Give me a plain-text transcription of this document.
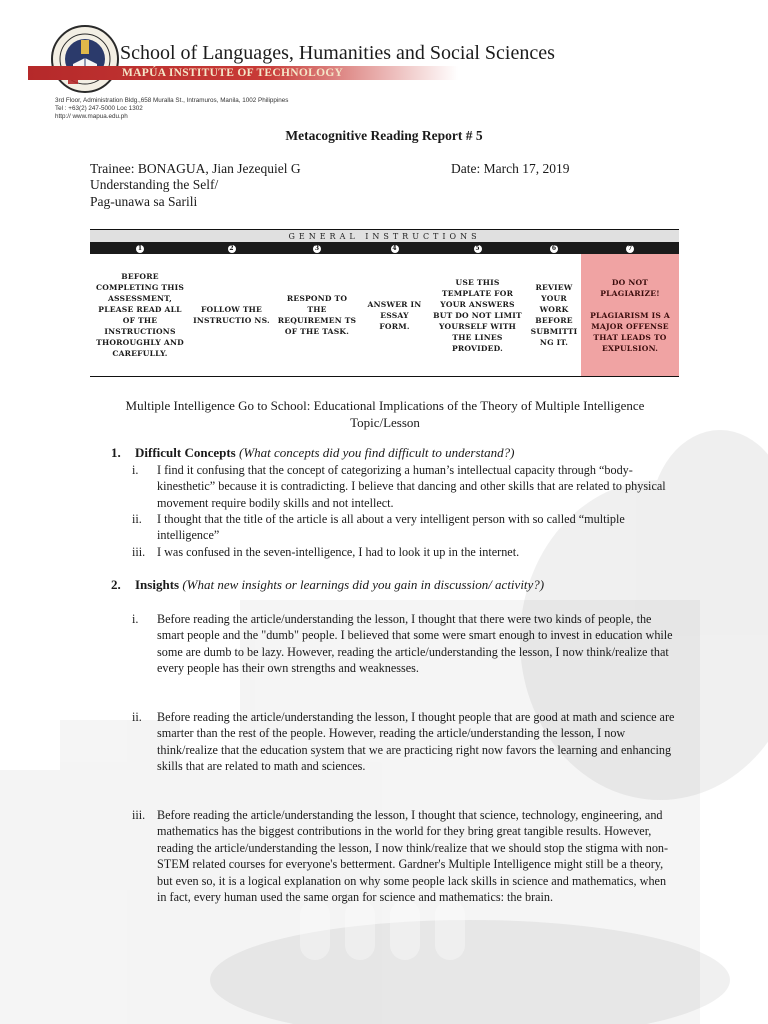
School of Languages, Humanities and Social Sciences
MAPÚA INSTITUTE OF TECHNOLOGY
3rd Floor, Administration Bldg.,658 Muralla St., Intramuros, Manila, 1002 Philippines
Tel : +63(2) 247-5000 Loc 1302
http:// www.mapua.edu.ph
Metacognitive Reading Report # 5
Trainee: BONAGUA, Jian Jezequiel G	Date: March 17, 2019
Understanding the Self/
Pag-unawa sa Sarili
GENERAL INSTRUCTIONS						
1	2	3	4	5	6	7
BEFORE COMPLETING THIS ASSESSMENT, PLEASE READ ALL OF THE INSTRUCTIONS THOROUGHLY AND CAREFULLY.	FOLLOW THE INSTRUCTIO NS.	RESPOND TO THE REQUIREMEN TS OF THE TASK.	ANSWER IN ESSAY FORM.	USE THIS TEMPLATE FOR YOUR ANSWERS BUT DO NOT LIMIT YOURSELF WITH THE LINES PROVIDED.	REVIEW YOUR WORK BEFORE SUBMITTI NG IT.	DO NOT PLAGIARIZE!
PLAGIARISM IS A MAJOR OFFENSE THAT LEADS TO EXPULSION.
Multiple Intelligence Go to School: Educational Implications of the Theory of Multiple Intelligence
Topic/Lesson
1. Difficult Concepts (What concepts did you find difficult to understand?)
i.	I find it confusing that the concept of categorizing a human’s intellectual capacity through “body-kinesthetic” because it is contradicting. I believe that dancing and other skills that are related to physical movement require bodily skills and not intellect.
ii.	I thought that the title of the article is all about a very intelligent person with so called “multiple intelligence”
iii. I was confused in the seven-intelligence, I had to look it up in the internet.
2. Insights (What new insights or learnings did you gain in discussion/ activity?)
i.	Before reading the article/understanding the lesson, I thought that there were two kinds of people, the smart people and the "dumb" people. I believed that some were smart enough to invest in education while some are dumb to be lazy. However, reading the article/understanding the lesson, I now think/realize that every people has their own strengths and weaknesses.
ii.	Before reading the article/understanding the lesson, I thought people that are good at math and science are smarter than the rest of the people. However, reading the article/understanding the lesson, I now think/realize that the education system that we are practicing right now favors the learning and enhancing skills that are related to math and sciences.
iii. Before reading the article/understanding the lesson, I thought that science, technology, engineering, and mathematics has the biggest contributions in the world for they bring great tangible results. However, reading the article/understanding the lesson, I now think/realize that we should stop the stigma with non-STEM related courses for everyone's betterment. Gardner's Multiple Intelligence might still be a theory, but even so, it is a logical explanation on why some people lack skills in science and mathematics, when in fact, every human used the same organ for science and mathematics: the brain.
